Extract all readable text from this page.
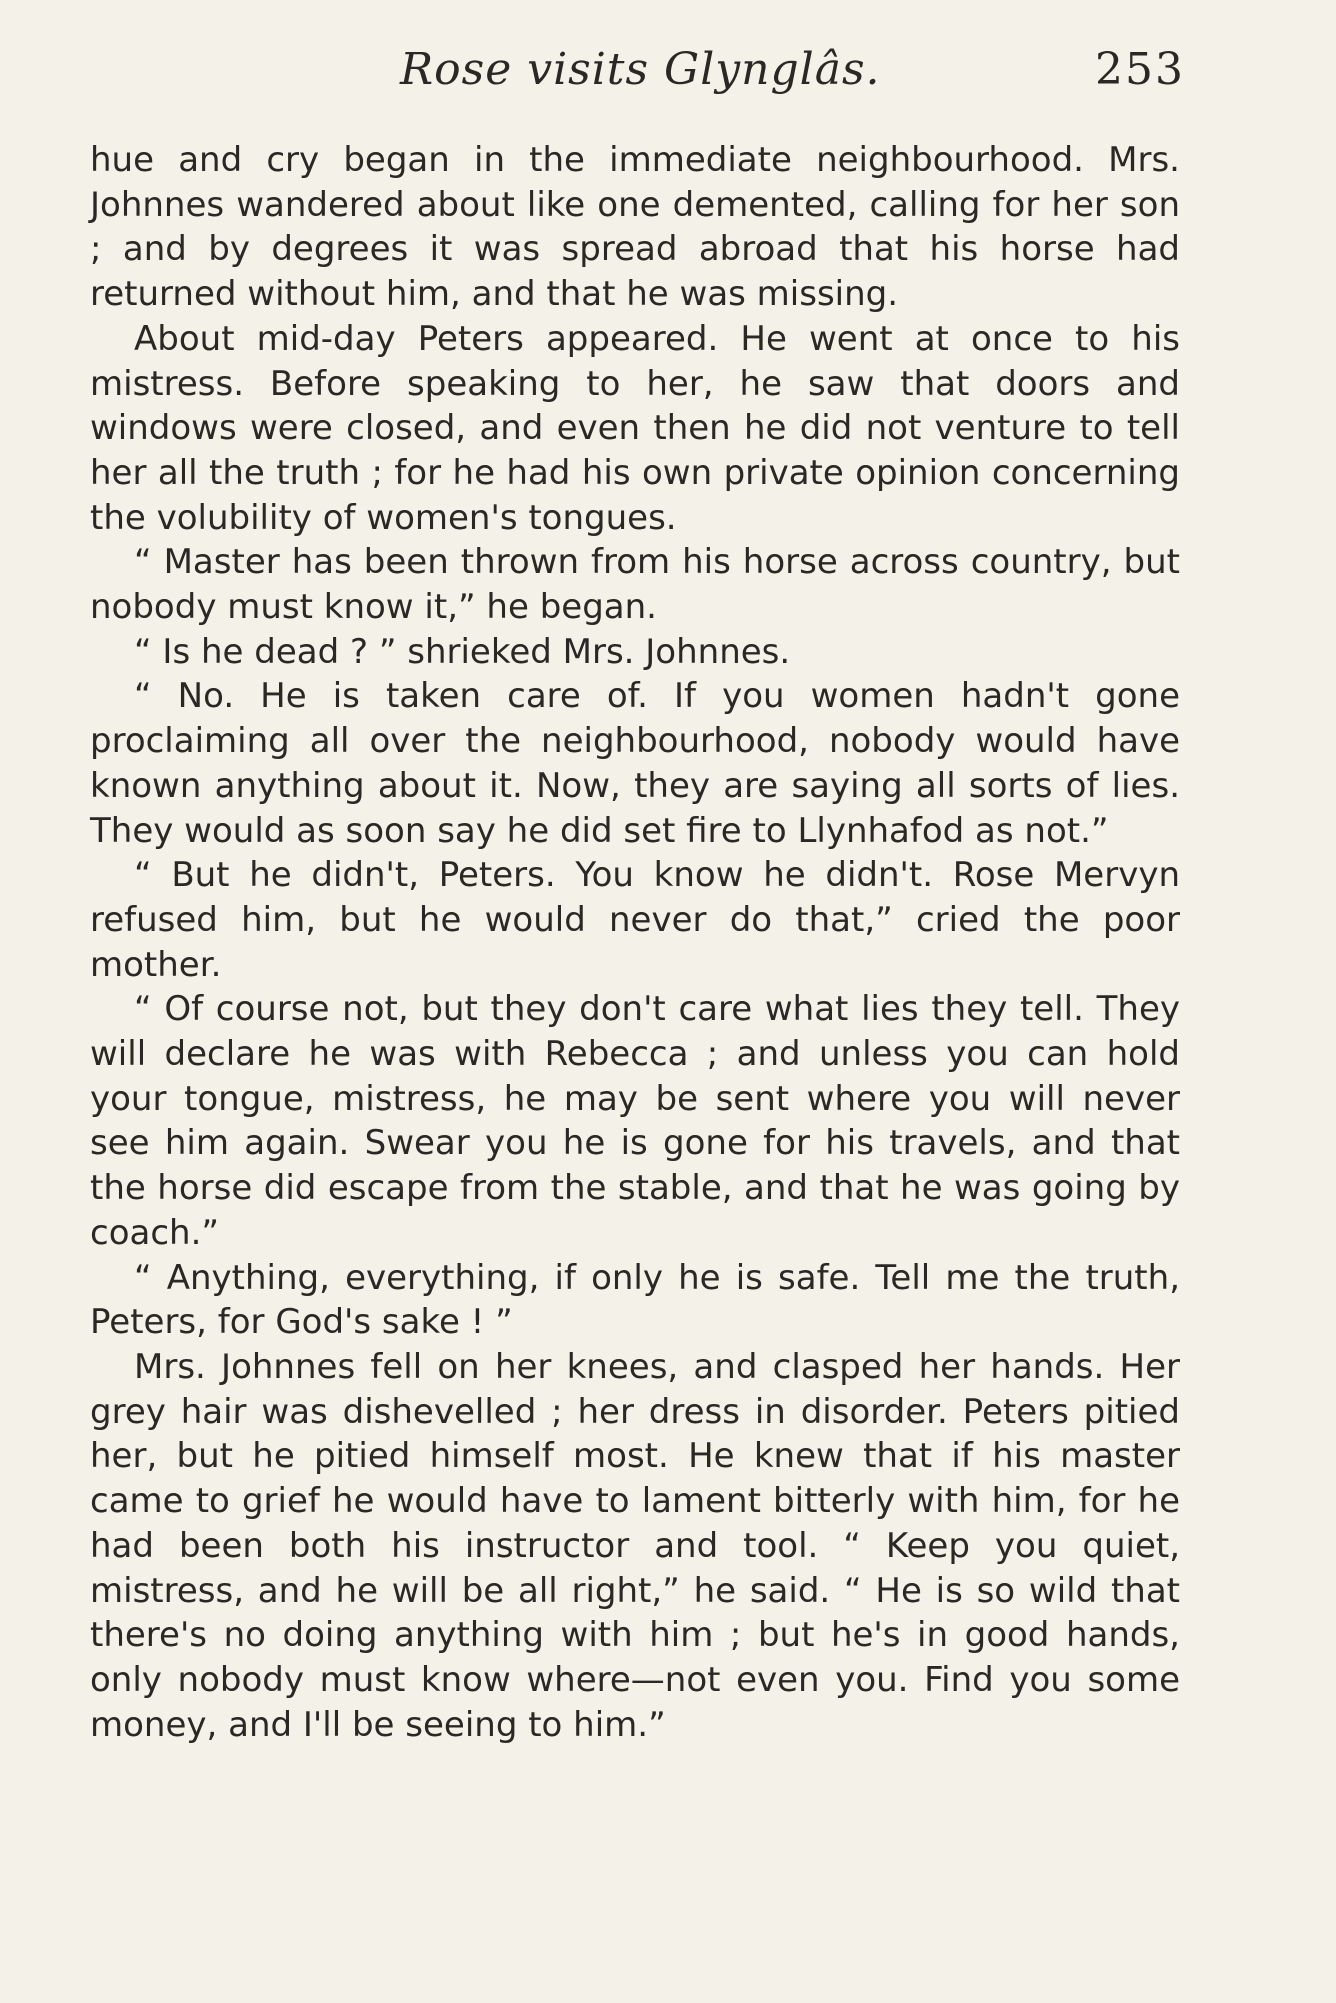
Rose visits Glynglâs.	253

hue and cry began in the immediate neighbourhood. Mrs. Johnnes wandered about like one demented, calling for her son ; and by degrees it was spread abroad that his horse had returned without him, and that he was missing.

About mid-day Peters appeared. He went at once to his mistress. Before speaking to her, he saw that doors and windows were closed, and even then he did not venture to tell her all the truth ; for he had his own private opinion concerning the volubility of women's tongues.

“ Master has been thrown from his horse across country, but nobody must know it,” he began.

“ Is he dead ? ” shrieked Mrs. Johnnes.

“ No. He is taken care of. If you women hadn't gone proclaiming all over the neighbourhood, nobody would have known anything about it. Now, they are saying all sorts of lies. They would as soon say he did set fire to Llynhafod as not.”

“ But he didn't, Peters. You know he didn't. Rose Mervyn refused him, but he would never do that,” cried the poor mother.

“ Of course not, but they don't care what lies they tell. They will declare he was with Rebecca ; and unless you can hold your tongue, mistress, he may be sent where you will never see him again. Swear you he is gone for his travels, and that the horse did escape from the stable, and that he was going by coach.”

“ Anything, everything, if only he is safe. Tell me the truth, Peters, for God's sake ! ”

Mrs. Johnnes fell on her knees, and clasped her hands. Her grey hair was dishevelled ; her dress in disorder. Peters pitied her, but he pitied himself most. He knew that if his master came to grief he would have to lament bitterly with him, for he had been both his instructor and tool. “ Keep you quiet, mistress, and he will be all right,” he said. “ He is so wild that there's no doing anything with him ; but he's in good hands, only nobody must know where—not even you. Find you some money, and I'll be seeing to him.”
